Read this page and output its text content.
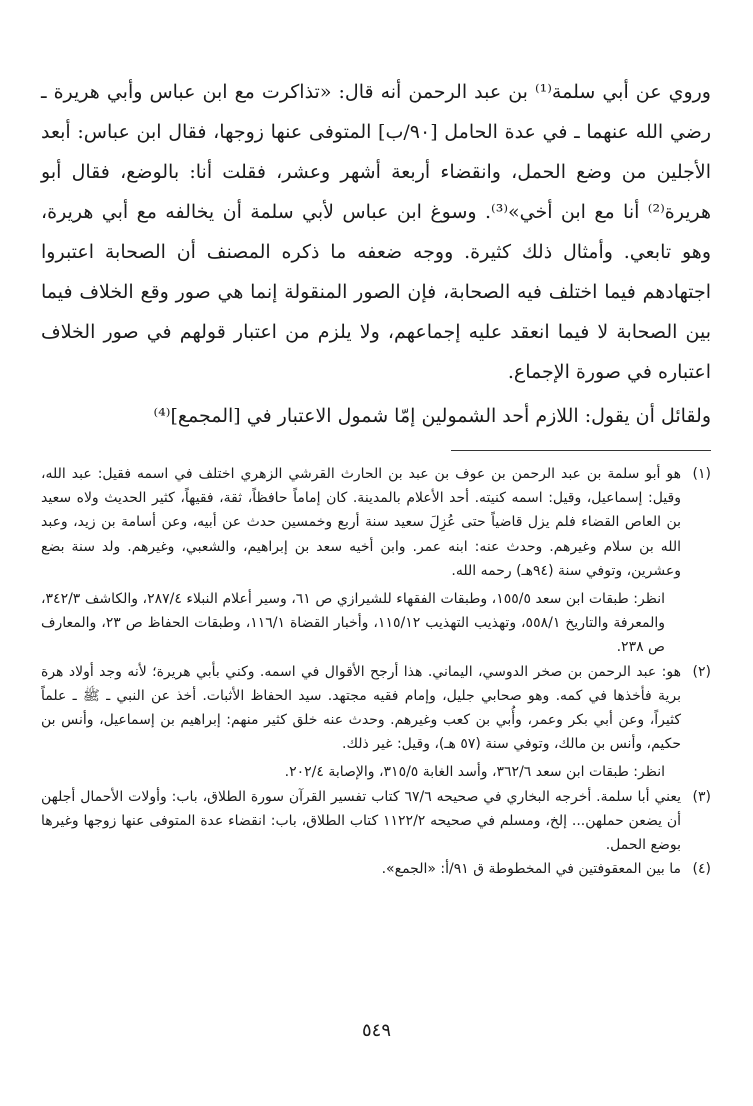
وروي عن أبي سلمة⁽¹⁾ بن عبد الرحمن أنه قال: «تذاكرت مع ابن عباس وأبي هريرة ـ رضي الله عنهما ـ في عدة الحامل [٩٠/ب] المتوفى عنها زوجها، فقال ابن عباس: أبعد الأجلين من وضع الحمل، وانقضاء أربعة أشهر وعشر، فقلت أنا: بالوضع، فقال أبو هريرة⁽²⁾ أنا مع ابن أخي»⁽³⁾. وسوغ ابن عباس لأبي سلمة أن يخالفه مع أبي هريرة، وهو تابعي. وأمثال ذلك كثيرة. ووجه ضعفه ما ذكره المصنف أن الصحابة اعتبروا اجتهادهم فيما اختلف فيه الصحابة، فإن الصور المنقولة إنما هي صور وقع الخلاف فيما بين الصحابة لا فيما انعقد عليه إجماعهم، ولا يلزم من اعتبار قولهم في صور الخلاف اعتباره في صورة الإجماع.

ولقائل أن يقول: اللازم أحد الشمولين إمّا شمول الاعتبار في [المجمع]⁽⁴⁾

(١)
هو أبو سلمة بن عبد الرحمن بن عوف بن عبد بن الحارث القرشي الزهري اختلف في اسمه فقيل: عبد الله، وقيل: إسماعيل، وقيل: اسمه كنيته. أحد الأعلام بالمدينة. كان إماماً حافظاً، ثقة، فقيهاً، كثير الحديث ولاه سعيد بن العاص القضاء فلم يزل قاضياً حتى عُزِلَ سعيد سنة أربع وخمسين حدث عن أبيه، وعن أسامة بن زيد، وعبد الله بن سلام وغيرهم. وحدث عنه: ابنه عمر. وابن أخيه سعد بن إبراهيم، والشعبي، وغيرهم. ولد سنة بضع وعشرين، وتوفي سنة (٩٤هـ) رحمه الله.
انظر: طبقات ابن سعد ١٥٥/٥، وطبقات الفقهاء للشيرازي ص ٦١، وسير أعلام النبلاء ٢٨٧/٤، والكاشف ٣٤٢/٣، والمعرفة والتاريخ ٥٥٨/١، وتهذيب التهذيب ١١٥/١٢، وأخبار القضاة ١١٦/١، وطبقات الحفاظ ص ٢٣، والمعارف ص ٢٣٨.
(٢)
هو: عبد الرحمن بن صخر الدوسي، اليماني. هذا أرجح الأقوال في اسمه. وكني بأبي هريرة؛ لأنه وجد أولاد هرة برية فأخذها في كمه. وهو صحابي جليل، وإمام فقيه مجتهد. سيد الحفاظ الأثبات. أخذ عن النبي ـ ﷺ ـ علماً كثيراً، وعن أبي بكر وعمر، وأُبي بن كعب وغيرهم. وحدث عنه خلق كثير منهم: إبراهيم بن إسماعيل، وأنس بن حكيم، وأنس بن مالك، وتوفي سنة (٥٧ هـ)، وقيل: غير ذلك.
انظر: طبقات ابن سعد ٣٦٢/٦، وأسد الغابة ٣١٥/٥، والإصابة ٢٠٢/٤.
(٣)
يعني أبا سلمة. أخرجه البخاري في صحيحه ٦٧/٦ كتاب تفسير القرآن سورة الطلاق، باب: وأولات الأحمال أجلهن أن يضعن حملهن... إلخ، ومسلم في صحيحه ١١٢٢/٢ كتاب الطلاق، باب: انقضاء عدة المتوفى عنها زوجها وغيرها بوضع الحمل.
(٤)
ما بين المعقوفتين في المخطوطة ق ٩١/أ: «الجمع».
٥٤٩
